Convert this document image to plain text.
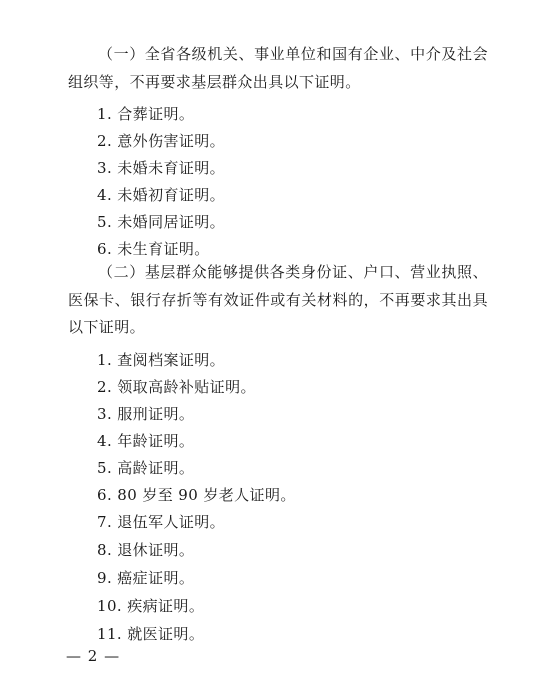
（一）全省各级机关、事业单位和国有企业、中介及社会组织等，不再要求基层群众出具以下证明。

1. 合葬证明。

2. 意外伤害证明。

3. 未婚未育证明。

4. 未婚初育证明。

5. 未婚同居证明。

6. 未生育证明。

（二）基层群众能够提供各类身份证、户口、营业执照、医保卡、银行存折等有效证件或有关材料的，不再要求其出具以下证明。

1. 查阅档案证明。

2. 领取高龄补贴证明。

3. 服刑证明。

4. 年龄证明。

5. 高龄证明。

6. 80 岁至 90 岁老人证明。

7. 退伍军人证明。

8. 退休证明。

9. 癌症证明。

10. 疾病证明。

11. 就医证明。

— 2 —
